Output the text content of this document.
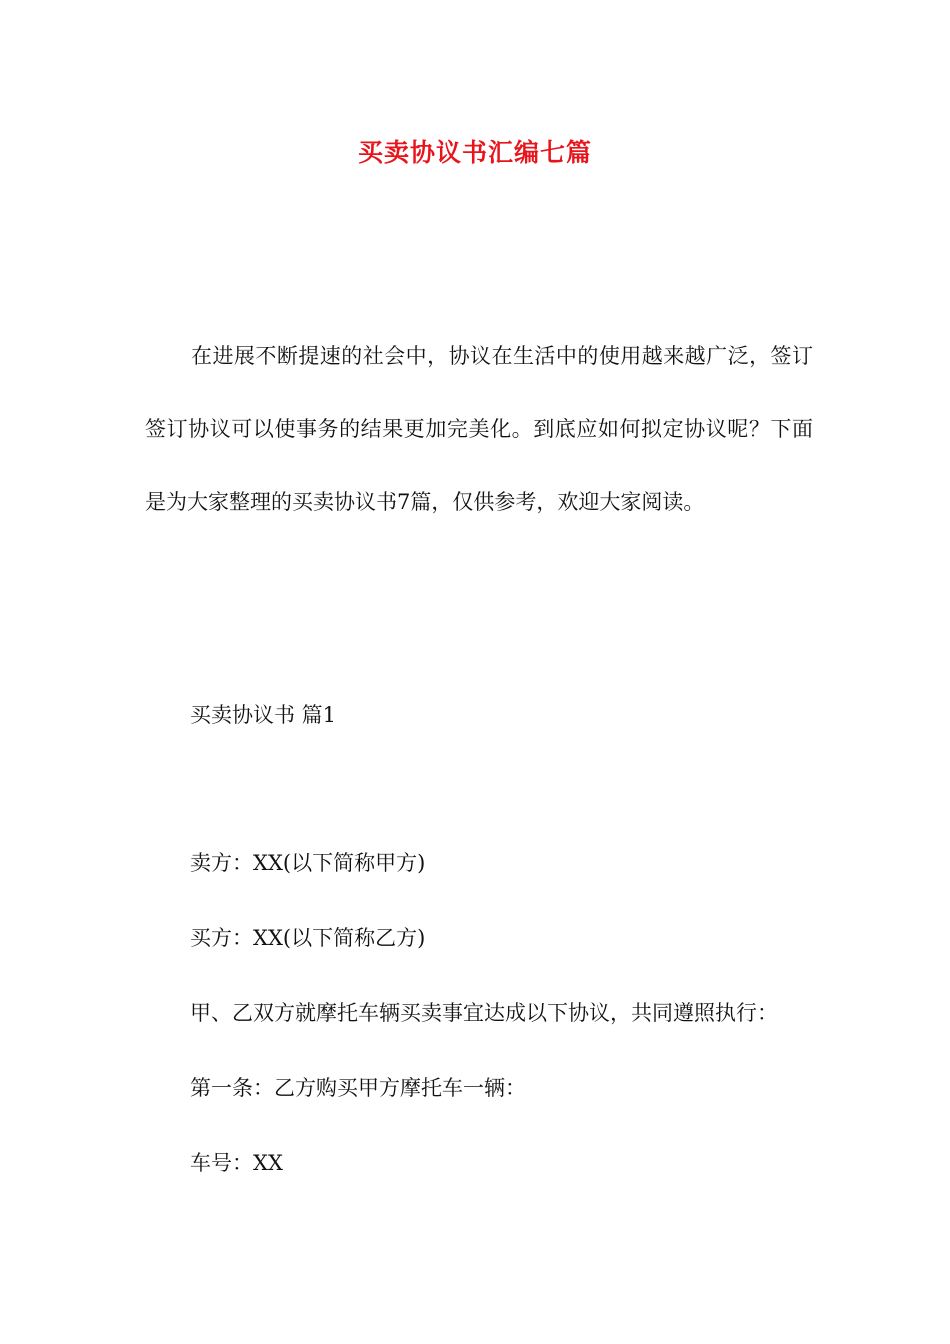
买卖协议书汇编七篇

在进展不断提速的社会中，协议在生活中的使用越来越广泛，签订签订协议可以使事务的结果更加完美化。到底应如何拟定协议呢？下面是为大家整理的买卖协议书7篇，仅供参考，欢迎大家阅读。

买卖协议书 篇1

卖方：XX(以下简称甲方)

买方：XX(以下简称乙方)

甲、乙双方就摩托车辆买卖事宜达成以下协议，共同遵照执行：

第一条：乙方购买甲方摩托车一辆：

车号：XX
